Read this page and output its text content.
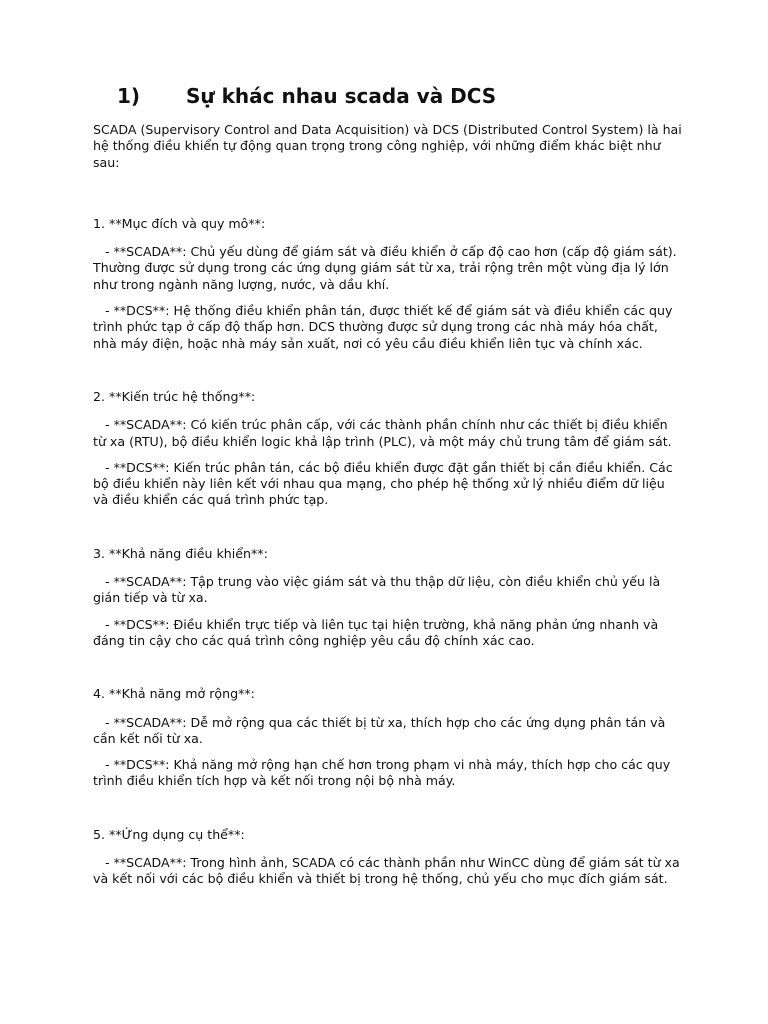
1)	Sự khác nhau scada và DCS

SCADA (Supervisory Control and Data Acquisition) và DCS (Distributed Control System) là hai hệ thống điều khiển tự động quan trọng trong công nghiệp, với những điểm khác biệt như sau:

1. **Mục đích và quy mô**:

- **SCADA**: Chủ yếu dùng để giám sát và điều khiển ở cấp độ cao hơn (cấp độ giám sát). Thường được sử dụng trong các ứng dụng giám sát từ xa, trải rộng trên một vùng địa lý lớn như trong ngành năng lượng, nước, và dầu khí.

- **DCS**: Hệ thống điều khiển phân tán, được thiết kế để giám sát và điều khiển các quy trình phức tạp ở cấp độ thấp hơn. DCS thường được sử dụng trong các nhà máy hóa chất, nhà máy điện, hoặc nhà máy sản xuất, nơi có yêu cầu điều khiển liên tục và chính xác.

2. **Kiến trúc hệ thống**:

- **SCADA**: Có kiến trúc phân cấp, với các thành phần chính như các thiết bị điều khiển từ xa (RTU), bộ điều khiển logic khả lập trình (PLC), và một máy chủ trung tâm để giám sát.

- **DCS**: Kiến trúc phân tán, các bộ điều khiển được đặt gần thiết bị cần điều khiển. Các bộ điều khiển này liên kết với nhau qua mạng, cho phép hệ thống xử lý nhiều điểm dữ liệu và điều khiển các quá trình phức tạp.

3. **Khả năng điều khiển**:

- **SCADA**: Tập trung vào việc giám sát và thu thập dữ liệu, còn điều khiển chủ yếu là gián tiếp và từ xa.

- **DCS**: Điều khiển trực tiếp và liên tục tại hiện trường, khả năng phản ứng nhanh và đáng tin cậy cho các quá trình công nghiệp yêu cầu độ chính xác cao.

4. **Khả năng mở rộng**:

- **SCADA**: Dễ mở rộng qua các thiết bị từ xa, thích hợp cho các ứng dụng phân tán và cần kết nối từ xa.

- **DCS**: Khả năng mở rộng hạn chế hơn trong phạm vi nhà máy, thích hợp cho các quy trình điều khiển tích hợp và kết nối trong nội bộ nhà máy.

5. **Ứng dụng cụ thể**:

- **SCADA**: Trong hình ảnh, SCADA có các thành phần như WinCC dùng để giám sát từ xa và kết nối với các bộ điều khiển và thiết bị trong hệ thống, chủ yếu cho mục đích giám sát.
